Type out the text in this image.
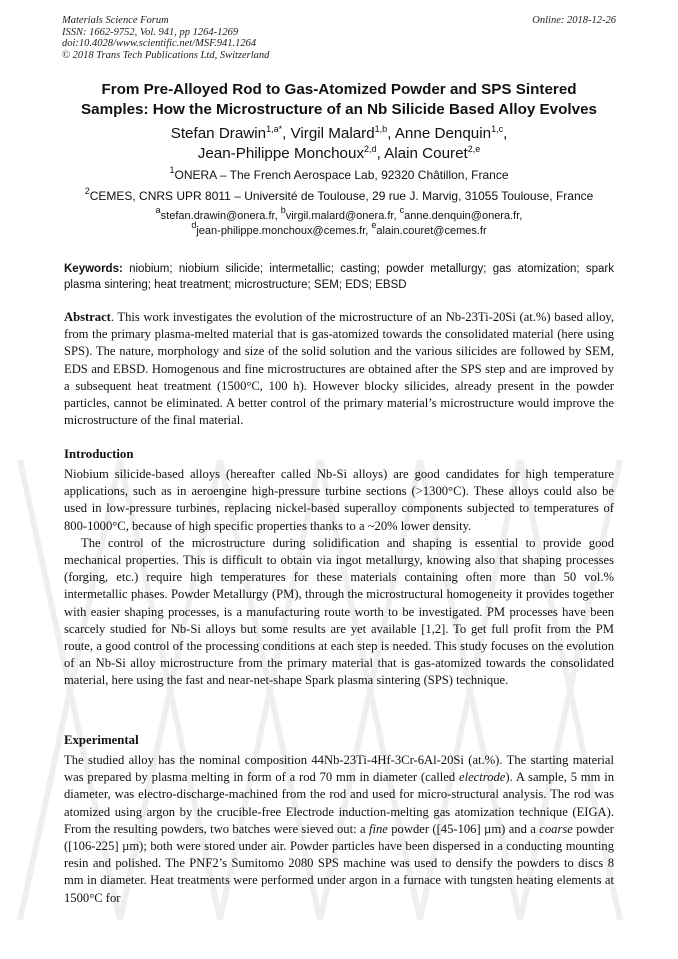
Materials Science Forum
ISSN: 1662-9752, Vol. 941, pp 1264-1269
doi:10.4028/www.scientific.net/MSF.941.1264
© 2018 Trans Tech Publications Ltd, Switzerland
Online: 2018-12-26
From Pre-Alloyed Rod to Gas-Atomized Powder and SPS Sintered
Samples: How the Microstructure of an Nb Silicide Based Alloy Evolves
Stefan Drawin$^{1,a*}$, Virgil Malard$^{1,b}$, Anne Denquin$^{1,c}$,
Jean-Philippe Monchoux$^{2,d}$, Alain Couret$^{2,e}$
$^1$ONERA – The French Aerospace Lab, 92320 Châtillon, France
$^2$CEMES, CNRS UPR 8011 – Université de Toulouse, 29 rue J. Marvig, 31055 Toulouse, France
$^a$stefan.drawin@onera.fr, $^b$virgil.malard@onera.fr, $^c$anne.denquin@onera.fr,
$^d$jean-philippe.monchoux@cemes.fr, $^e$alain.couret@cemes.fr
Keywords: niobium; niobium silicide; intermetallic; casting; powder metallurgy; gas atomization; spark plasma sintering; heat treatment; microstructure; SEM; EDS; EBSD
Abstract. This work investigates the evolution of the microstructure of an Nb-23Ti-20Si (at.%) based alloy, from the primary plasma-melted material that is gas-atomized towards the consolidated material (here using SPS). The nature, morphology and size of the solid solution and the various silicides are followed by SEM, EDS and EBSD. Homogenous and fine microstructures are obtained after the SPS step and are improved by a subsequent heat treatment (1500°C, 100 h). However blocky silicides, already present in the powder particles, cannot be eliminated. A better control of the primary material’s microstructure would improve the microstructure of the final material.
Introduction

Niobium silicide-based alloys (hereafter called Nb-Si alloys) are good candidates for high temperature applications, such as in aeroengine high-pressure turbine sections (>1300°C). These alloys could also be used in low-pressure turbines, replacing nickel-based superalloy components subjected to temperatures of 800-1000°C, because of high specific properties thanks to a ~20% lower density.

The control of the microstructure during solidification and shaping is essential to provide good mechanical properties. This is difficult to obtain via ingot metallurgy, knowing also that shaping processes (forging, etc.) require high temperatures for these materials containing often more than 50 vol.% intermetallic phases. Powder Metallurgy (PM), through the microstructural homogeneity it provides together with easier shaping processes, is a manufacturing route worth to be investigated. PM processes have been scarcely studied for Nb-Si alloys but some results are yet available [1,2]. To get full profit from the PM route, a good control of the processing conditions at each step is needed. This study focuses on the evolution of an Nb-Si alloy microstructure from the primary material that is gas-atomized towards the consolidated material, here using the fast and near-net-shape Spark plasma sintering (SPS) technique.

Experimental

The studied alloy has the nominal composition 44Nb-23Ti-4Hf-3Cr-6Al-20Si (at.%). The starting material was prepared by plasma melting in form of a rod 70 mm in diameter (called electrode). A sample, 5 mm in diameter, was electro-discharge-machined from the rod and used for micro-structural analysis. The rod was atomized using argon by the crucible-free Electrode induction-melting gas atomization technique (EIGA). From the resulting powders, two batches were sieved out: a fine powder ([45-106] µm) and a coarse powder ([106-225] µm); both were stored under air. Powder particles have been dispersed in a conducting mounting resin and polished. The PNF2’s Sumitomo 2080 SPS machine was used to densify the powders to discs 8 mm in diameter. Heat treatments were performed under argon in a furnace with tungsten heating elements at 1500°C for
